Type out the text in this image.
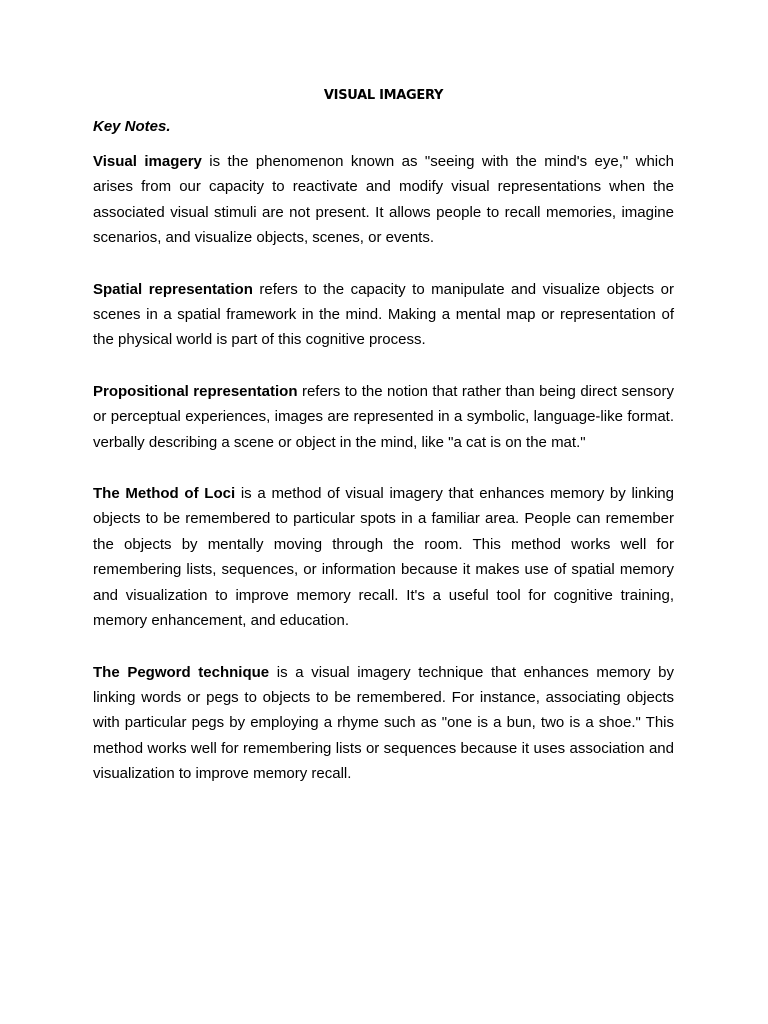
VISUAL IMAGERY
Key Notes.

Visual imagery is the phenomenon known as "seeing with the mind's eye," which arises from our capacity to reactivate and modify visual representations when the associated visual stimuli are not present. It allows people to recall memories, imagine scenarios, and visualize objects, scenes, or events.

Spatial representation refers to the capacity to manipulate and visualize objects or scenes in a spatial framework in the mind. Making a mental map or representation of the physical world is part of this cognitive process.

Propositional representation refers to the notion that rather than being direct sensory or perceptual experiences, images are represented in a symbolic, language-like format. verbally describing a scene or object in the mind, like "a cat is on the mat."

The Method of Loci is a method of visual imagery that enhances memory by linking objects to be remembered to particular spots in a familiar area. People can remember the objects by mentally moving through the room. This method works well for remembering lists, sequences, or information because it makes use of spatial memory and visualization to improve memory recall. It's a useful tool for cognitive training, memory enhancement, and education.

The Pegword technique is a visual imagery technique that enhances memory by linking words or pegs to objects to be remembered. For instance, associating objects with particular pegs by employing a rhyme such as "one is a bun, two is a shoe." This method works well for remembering lists or sequences because it uses association and visualization to improve memory recall.
